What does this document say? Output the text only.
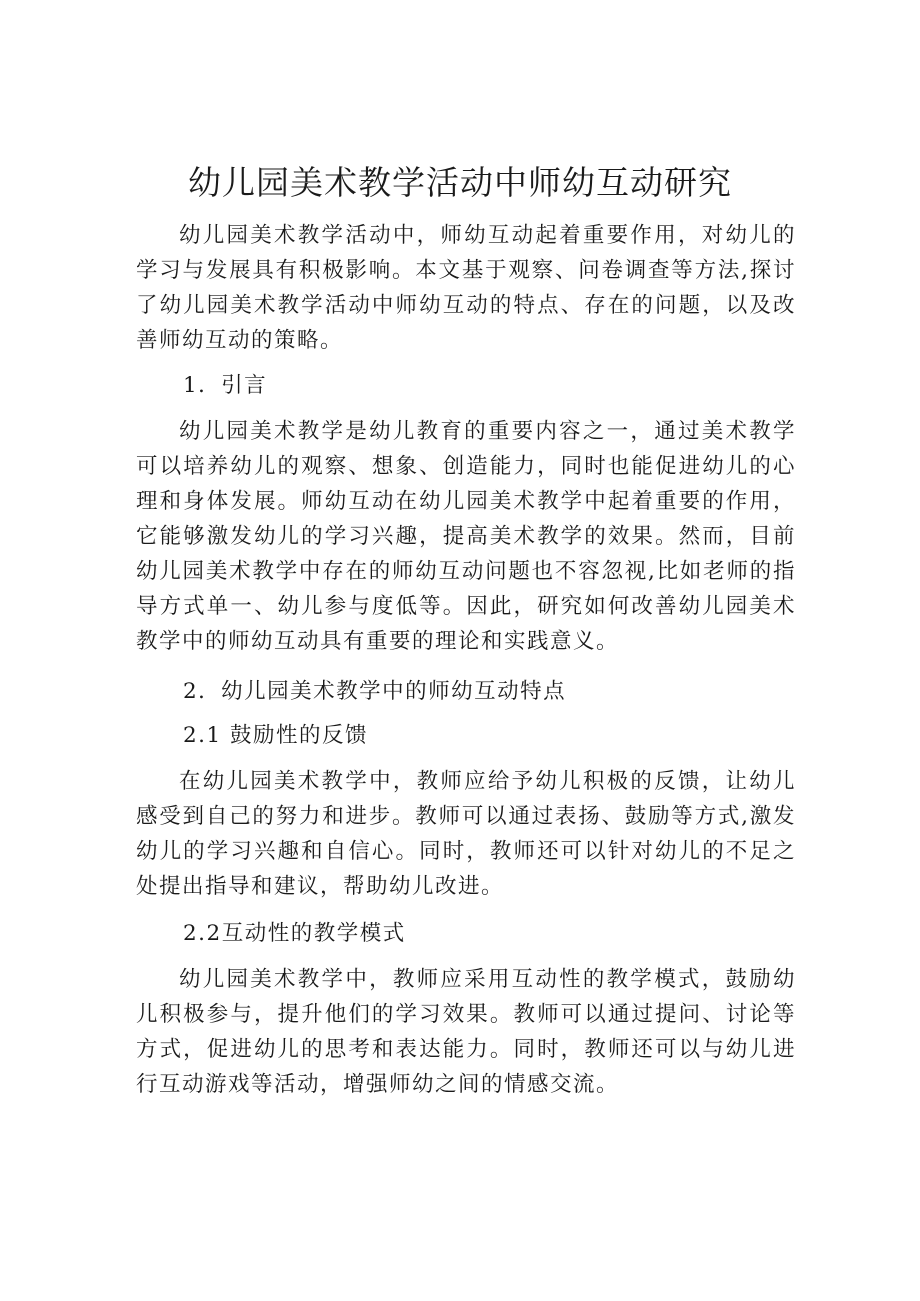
幼儿园美术教学活动中师幼互动研究

幼儿园美术教学活动中，师幼互动起着重要作用，对幼儿的学习与发展具有积极影响。本文基于观察、问卷调查等方法,探讨了幼儿园美术教学活动中师幼互动的特点、存在的问题，以及改善师幼互动的策略。

1．引言

幼儿园美术教学是幼儿教育的重要内容之一，通过美术教学可以培养幼儿的观察、想象、创造能力，同时也能促进幼儿的心理和身体发展。师幼互动在幼儿园美术教学中起着重要的作用，它能够激发幼儿的学习兴趣，提高美术教学的效果。然而，目前幼儿园美术教学中存在的师幼互动问题也不容忽视,比如老师的指导方式单一、幼儿参与度低等。因此，研究如何改善幼儿园美术教学中的师幼互动具有重要的理论和实践意义。

2．幼儿园美术教学中的师幼互动特点

2.1 鼓励性的反馈

在幼儿园美术教学中，教师应给予幼儿积极的反馈，让幼儿感受到自己的努力和进步。教师可以通过表扬、鼓励等方式,激发幼儿的学习兴趣和自信心。同时，教师还可以针对幼儿的不足之处提出指导和建议，帮助幼儿改进。

2.2互动性的教学模式

幼儿园美术教学中，教师应采用互动性的教学模式，鼓励幼儿积极参与，提升他们的学习效果。教师可以通过提问、讨论等方式，促进幼儿的思考和表达能力。同时，教师还可以与幼儿进行互动游戏等活动，增强师幼之间的情感交流。
